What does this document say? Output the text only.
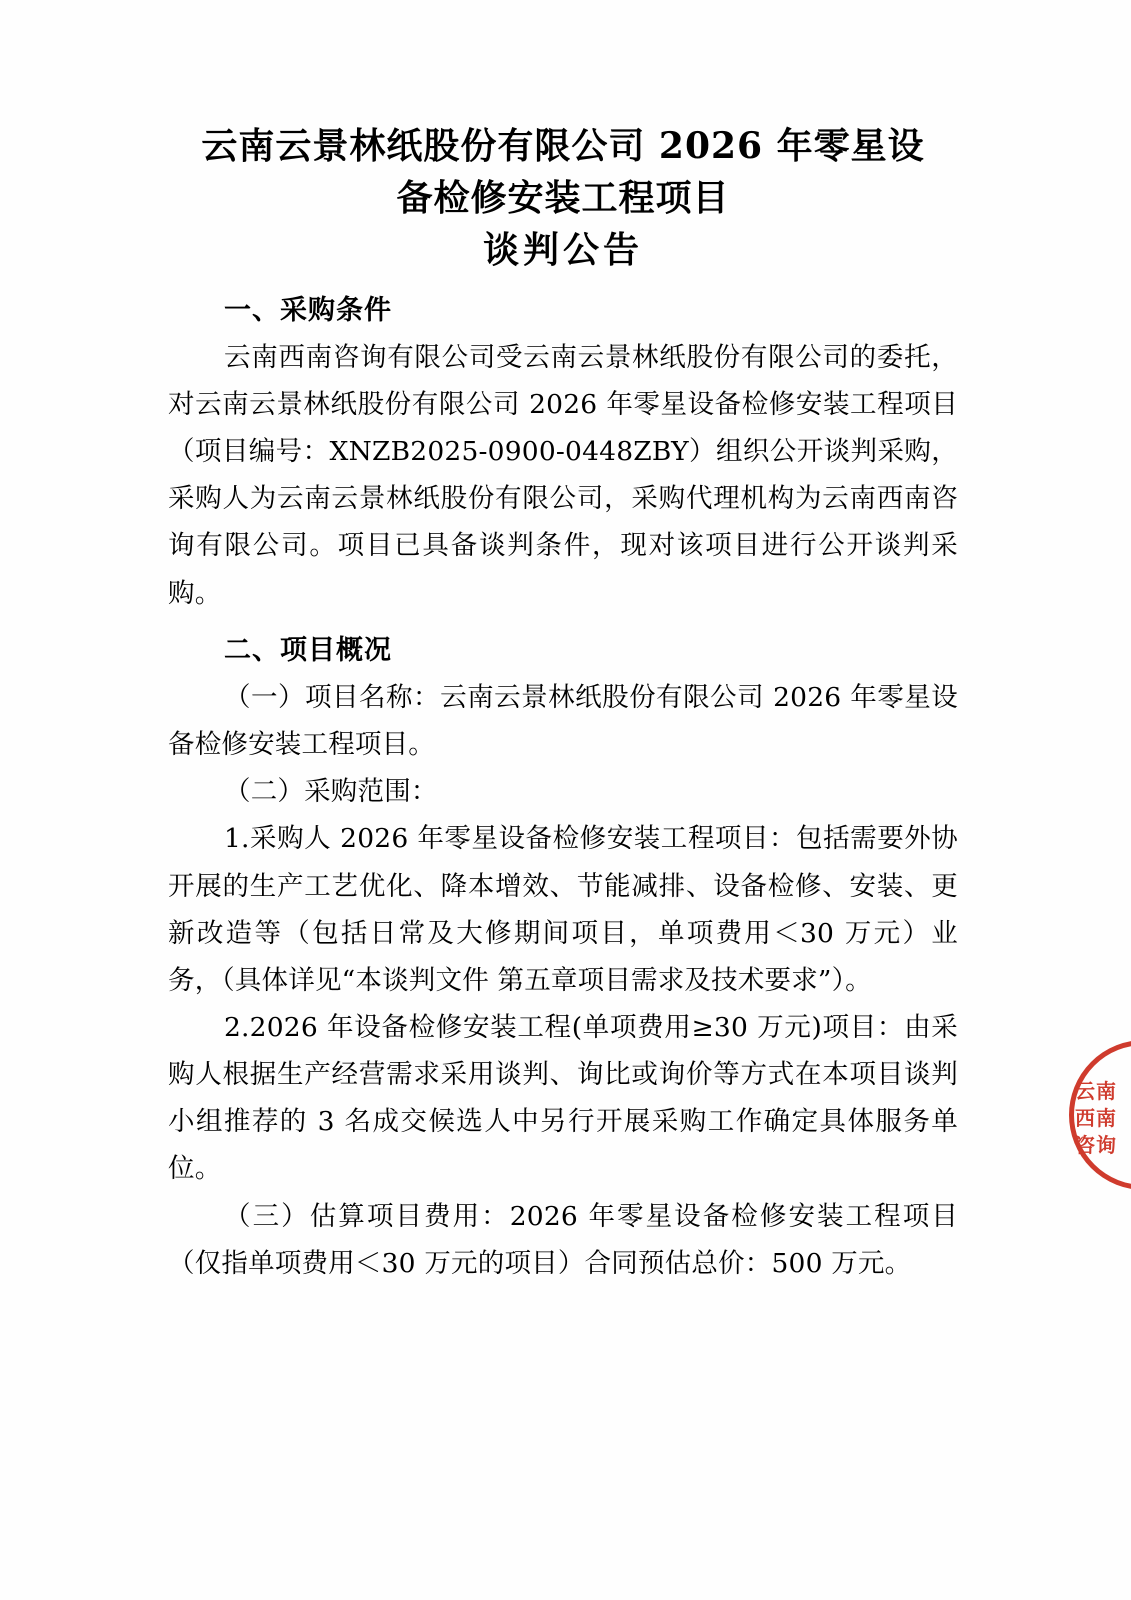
云南云景林纸股份有限公司 2026 年零星设
备检修安装工程项目
谈判公告
一、采购条件

云南西南咨询有限公司受云南云景林纸股份有限公司的委托，对云南云景林纸股份有限公司 2026 年零星设备检修安装工程项目（项目编号：XNZB2025-0900-0448ZBY）组织公开谈判采购，采购人为云南云景林纸股份有限公司，采购代理机构为云南西南咨询有限公司。项目已具备谈判条件，现对该项目进行公开谈判采购。

二、项目概况

（一）项目名称：云南云景林纸股份有限公司 2026 年零星设备检修安装工程项目。

（二）采购范围：

1.采购人 2026 年零星设备检修安装工程项目：包括需要外协开展的生产工艺优化、降本增效、节能减排、设备检修、安装、更新改造等（包括日常及大修期间项目，单项费用＜30 万元）业务，（具体详见“本谈判文件 第五章项目需求及技术要求”）。

2.2026 年设备检修安装工程(单项费用≥30 万元)项目：由采购人根据生产经营需求采用谈判、询比或询价等方式在本项目谈判小组推荐的 3 名成交候选人中另行开展采购工作确定具体服务单位。

（三）估算项目费用：2026 年零星设备检修安装工程项目（仅指单项费用＜30 万元的项目）合同预估总价：500 万元。

云南西南咨询
